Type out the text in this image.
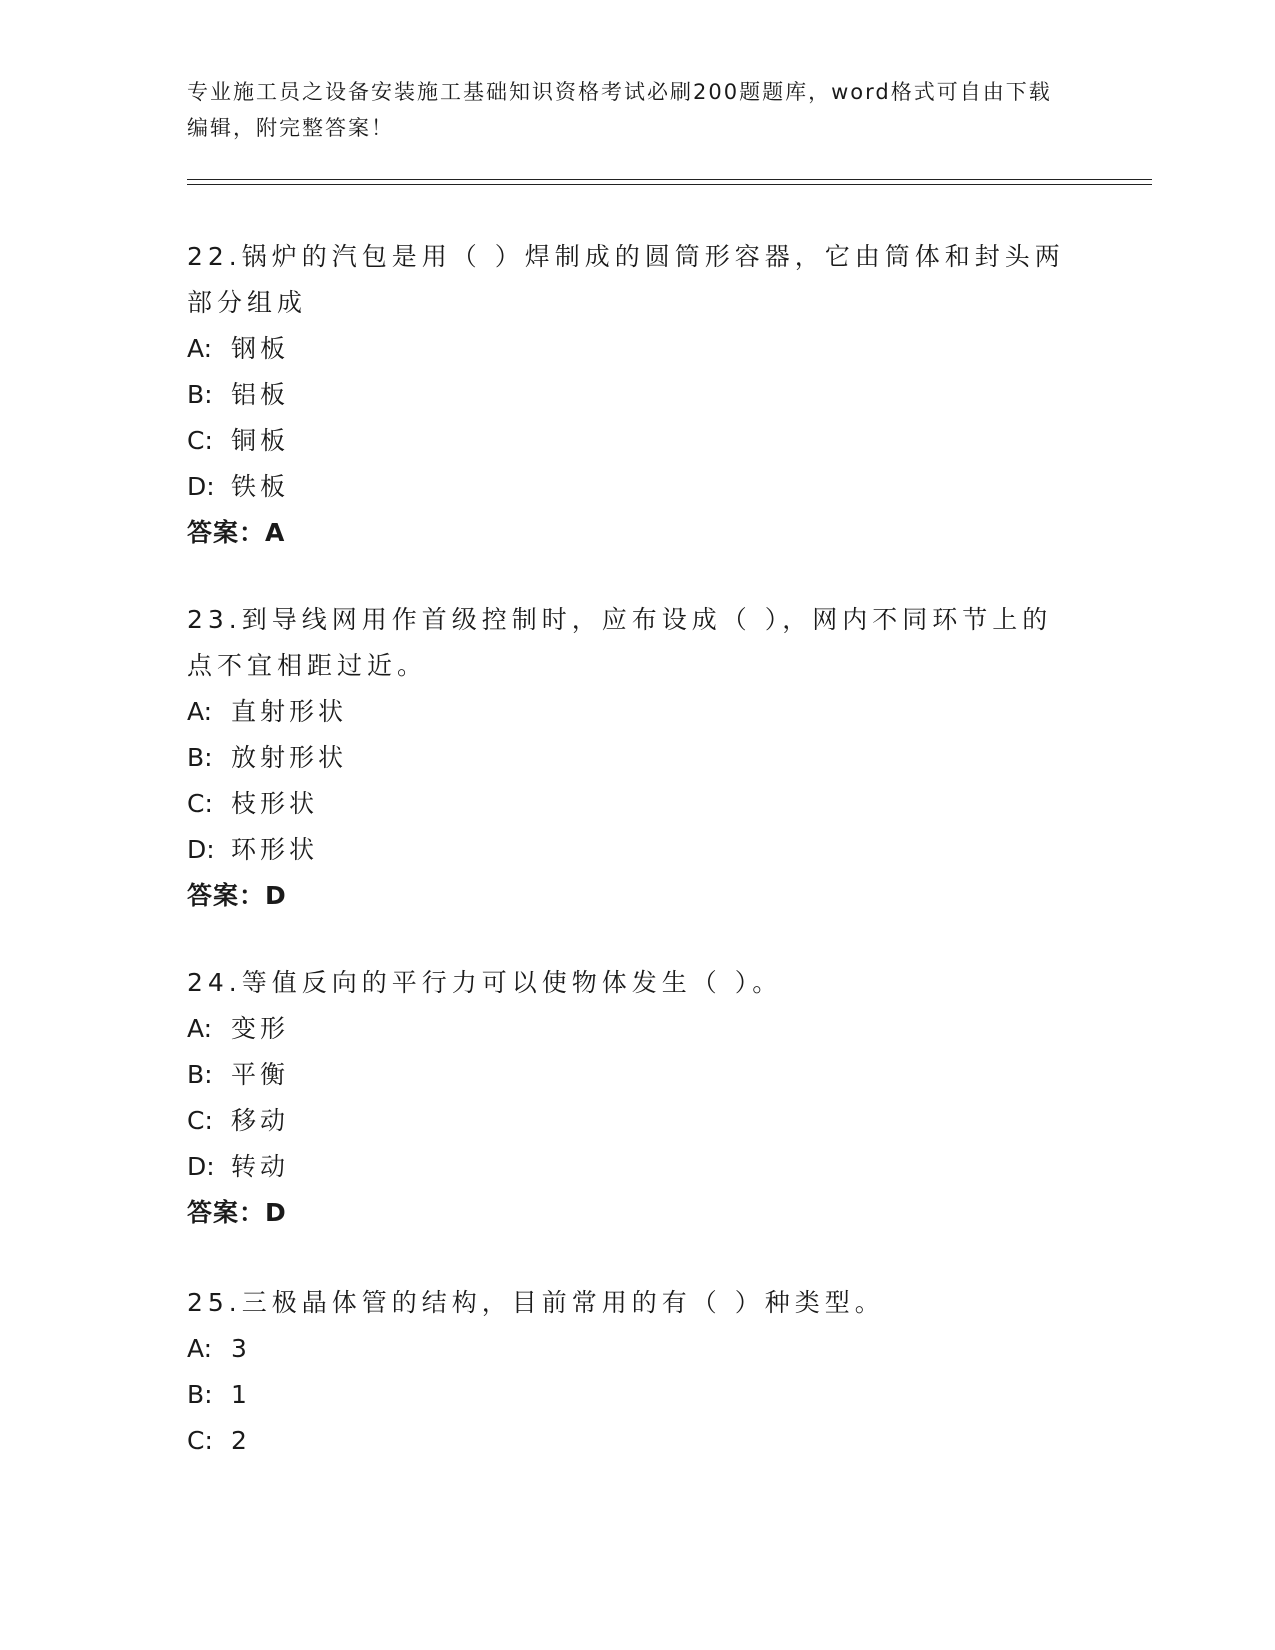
专业施工员之设备安装施工基础知识资格考试必刷200题题库，word格式可自由下载编辑，附完整答案！

22.锅炉的汽包是用（ ）焊制成的圆筒形容器，它由筒体和封头两部分组成

A: 钢板
B: 铝板
C: 铜板
D: 铁板
答案：A

23.到导线网用作首级控制时，应布设成（ ），网内不同环节上的点不宜相距过近。

A: 直射形状
B: 放射形状
C: 枝形状
D: 环形状
答案：D

24.等值反向的平行力可以使物体发生（ ）。

A: 变形
B: 平衡
C: 移动
D: 转动
答案：D

25.三极晶体管的结构，目前常用的有（ ）种类型。

A: 3
B: 1
C: 2
